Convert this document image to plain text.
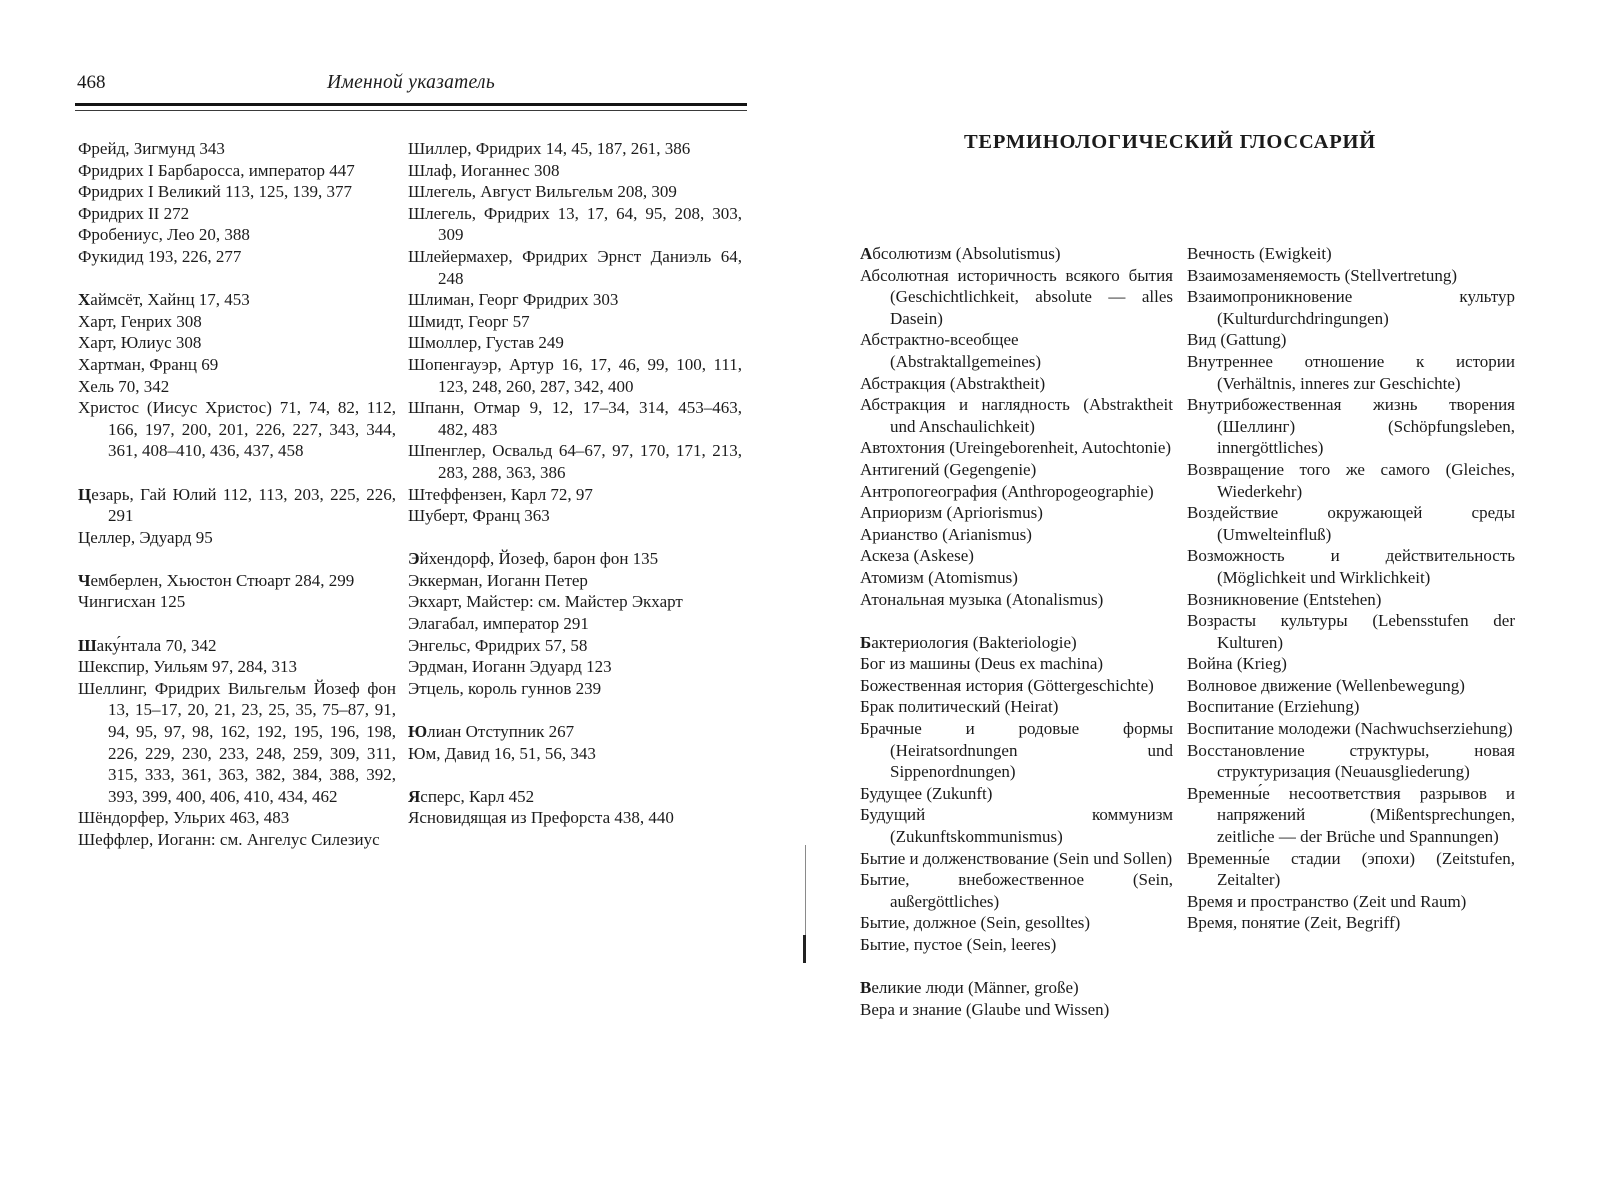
468	Именной указатель

Фрейд, Зигмунд 343

Фридрих I Барбаросса, император 447

Фридрих I Великий 113, 125, 139, 377

Фридрих II 272

Фробениус, Лео 20, 388

Фукидид 193, 226, 277

Хаймсёт, Хайнц 17, 453

Харт, Генрих 308

Харт, Юлиус 308

Хартман, Франц 69

Хель 70, 342

Христос (Иисус Христос) 71, 74, 82, 112, 166, 197, 200, 201, 226, 227, 343, 344, 361, 408–410, 436, 437, 458

Цезарь, Гай Юлий 112, 113, 203, 225, 226, 291

Целлер, Эдуард 95

Чемберлен, Хьюстон Стюарт 284, 299

Чингисхан 125

Шаку́нтала 70, 342

Шекспир, Уильям 97, 284, 313

Шеллинг, Фридрих Вильгельм Йозеф фон 13, 15–17, 20, 21, 23, 25, 35, 75–87, 91, 94, 95, 97, 98, 162, 192, 195, 196, 198, 226, 229, 230, 233, 248, 259, 309, 311, 315, 333, 361, 363, 382, 384, 388, 392, 393, 399, 400, 406, 410, 434, 462

Шёндорфер, Ульрих 463, 483

Шеффлер, Иоганн: см. Ангелус Силезиус

Шиллер, Фридрих 14, 45, 187, 261, 386

Шлаф, Иоганнес 308

Шлегель, Август Вильгельм 208, 309

Шлегель, Фридрих 13, 17, 64, 95, 208, 303, 309

Шлейермахер, Фридрих Эрнст Даниэль 64, 248

Шлиман, Георг Фридрих 303

Шмидт, Георг 57

Шмоллер, Густав 249

Шопенгауэр, Артур 16, 17, 46, 99, 100, 111, 123, 248, 260, 287, 342, 400

Шпанн, Отмар 9, 12, 17–34, 314, 453–463, 482, 483

Шпенглер, Освальд 64–67, 97, 170, 171, 213, 283, 288, 363, 386

Штеффензен, Карл 72, 97

Шуберт, Франц 363

Эйхендорф, Йозеф, барон фон 135

Эккерман, Иоганн Петер

Экхарт, Майстер: см. Майстер Экхарт

Элагабал, император 291

Энгельс, Фридрих 57, 58

Эрдман, Иоганн Эдуард 123

Этцель, король гуннов 239

Юлиан Отступник 267

Юм, Давид 16, 51, 56, 343

Ясперс, Карл 452

Ясновидящая из Префорста 438, 440

ТЕРМИНОЛОГИЧЕСКИЙ ГЛОССАРИЙ

Абсолютизм (Absolutismus)

Абсолютная историчность всякого бытия (Geschichtlichkeit, absolute — alles Dasein)

Абстрактно-всеобщее (Abstraktallgemeines)

Абстракция (Abstraktheit)

Абстракция и наглядность (Abstraktheit und Anschaulichkeit)

Автохтония (Ureingeborenheit, Autochtonie)

Антигений (Gegengenie)

Антропогеография (Anthropogeographie)

Априоризм (Apriorismus)

Арианство (Arianismus)

Аскеза (Askese)

Атомизм (Atomismus)

Атональная музыка (Atonalismus)

Бактериология (Bakteriologie)

Бог из машины (Deus ex machina)

Божественная история (Göttergeschichte)

Брак политический (Heirat)

Брачные и родовые формы (Heiratsordnungen und Sippenordnungen)

Будущее (Zukunft)

Будущий коммунизм (Zukunftskommunismus)

Бытие и долженствование (Sein und Sollen)

Бытие, внебожественное (Sein, außergöttliches)

Бытие, должное (Sein, gesolltes)

Бытие, пустое (Sein, leeres)

Великие люди (Männer, große)

Вера и знание (Glaube und Wissen)

Вечность (Ewigkeit)

Взаимозаменяемость (Stellvertretung)

Взаимопроникновение культур (Kulturdurchdringungen)

Вид (Gattung)

Внутреннее отношение к истории (Verhältnis, inneres zur Geschichte)

Внутрибожественная жизнь творения (Шеллинг) (Schöpfungsleben, innergöttliches)

Возвращение того же самого (Gleiches, Wiederkehr)

Воздействие окружающей среды (Umwelteinfluß)

Возможность и действительность (Möglichkeit und Wirklichkeit)

Возникновение (Entstehen)

Возрасты культуры (Lebensstufen der Kulturen)

Война (Krieg)

Волновое движение (Wellenbewegung)

Воспитание (Erziehung)

Воспитание молодежи (Nachwuchserziehung)

Восстановление структуры, новая структуризация (Neuausgliederung)

Временны́е несоответствия разрывов и напряжений (Mißentsprechungen, zeitliche — der Brüche und Spannungen)

Временны́е стадии (эпохи) (Zeitstufen, Zeitalter)

Время и пространство (Zeit und Raum)

Время, понятие (Zeit, Begriff)
